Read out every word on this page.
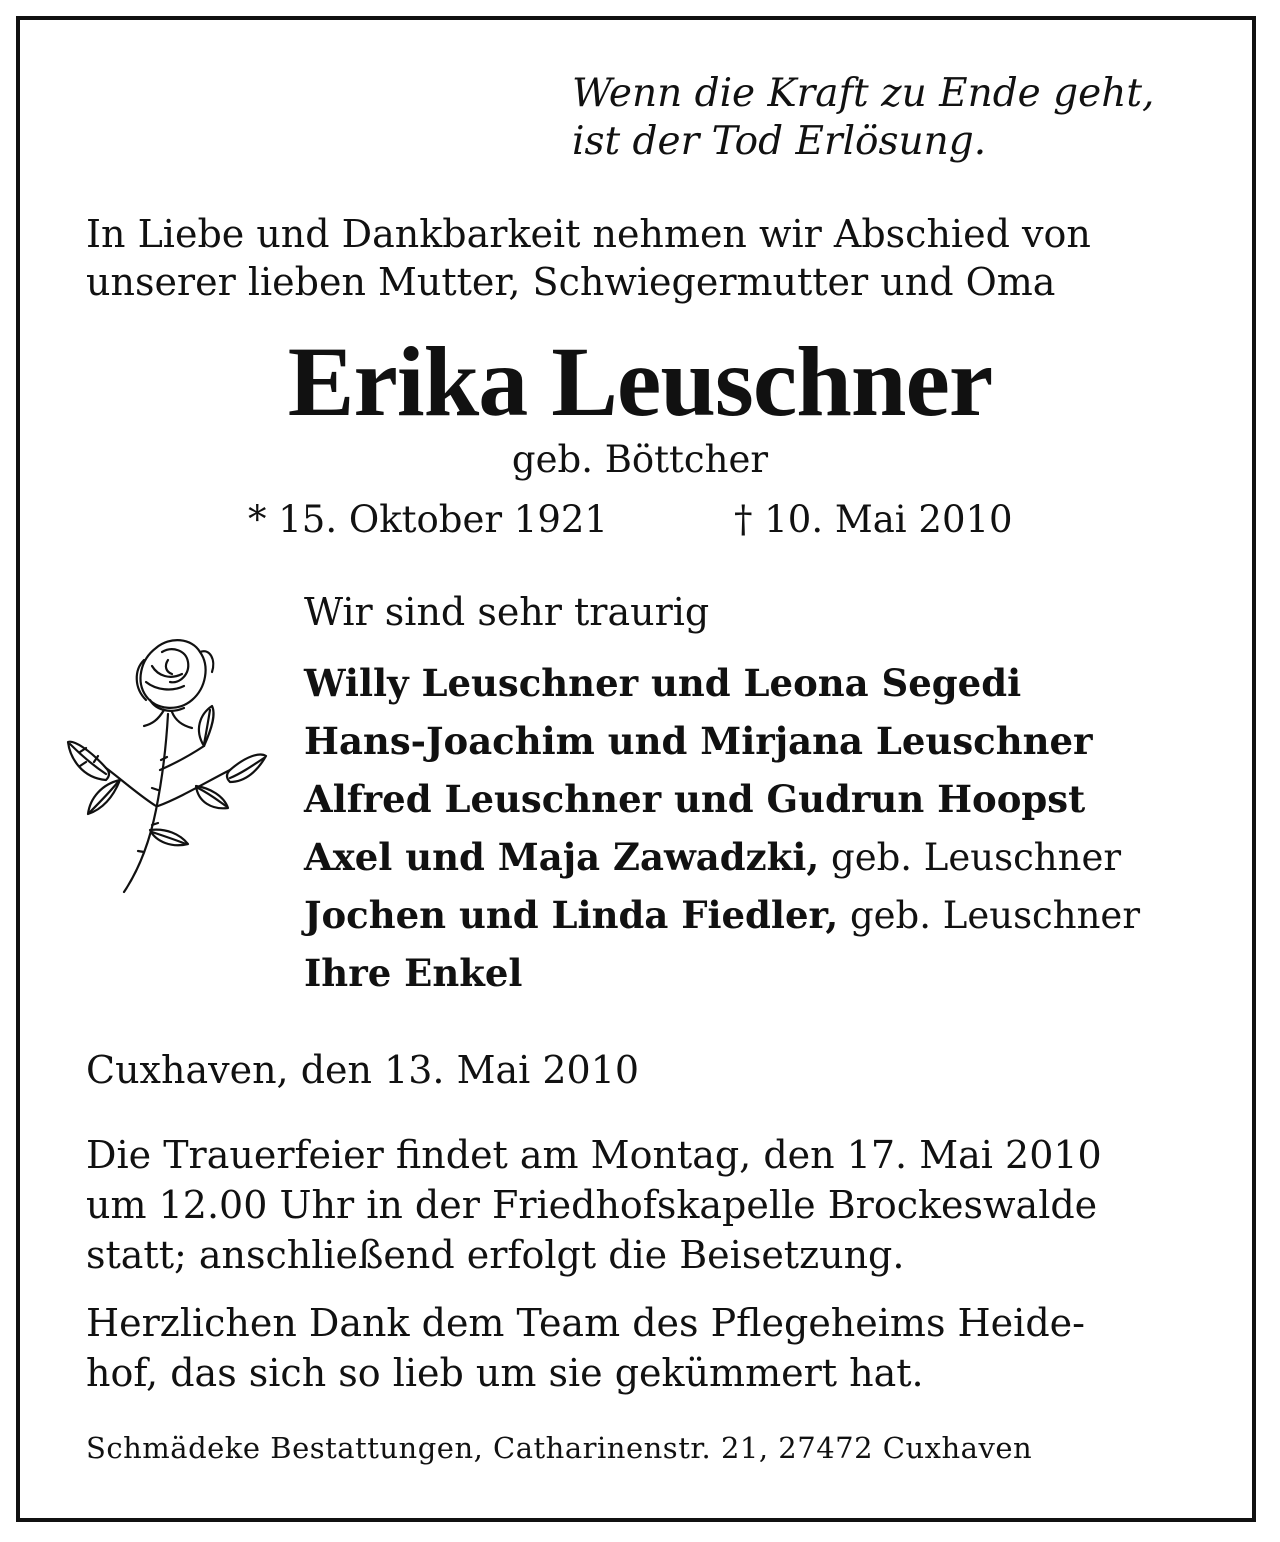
Wenn die Kraft zu Ende geht,
ist der Tod Erlösung.
In Liebe und Dankbarkeit nehmen wir Abschied von
unserer lieben Mutter, Schwiegermutter und Oma
Erika Leuschner
geb. Böttcher
* 15. Oktober 1921	† 10. Mai 2010
Wir sind sehr traurig
Willy Leuschner und Leona Segedi
Hans-Joachim und Mirjana Leuschner
Alfred Leuschner und Gudrun Hoopst
Axel und Maja Zawadzki, geb. Leuschner
Jochen und Linda Fiedler, geb. Leuschner
Ihre Enkel
Cuxhaven, den 13. Mai 2010
Die Trauerfeier findet am Montag, den 17. Mai 2010
um 12.00 Uhr in der Friedhofskapelle Brockeswalde
statt; anschließend erfolgt die Beisetzung.
Herzlichen Dank dem Team des Pflegeheims Heide-
hof, das sich so lieb um sie gekümmert hat.
Schmädeke Bestattungen, Catharinenstr. 21, 27472 Cuxhaven
